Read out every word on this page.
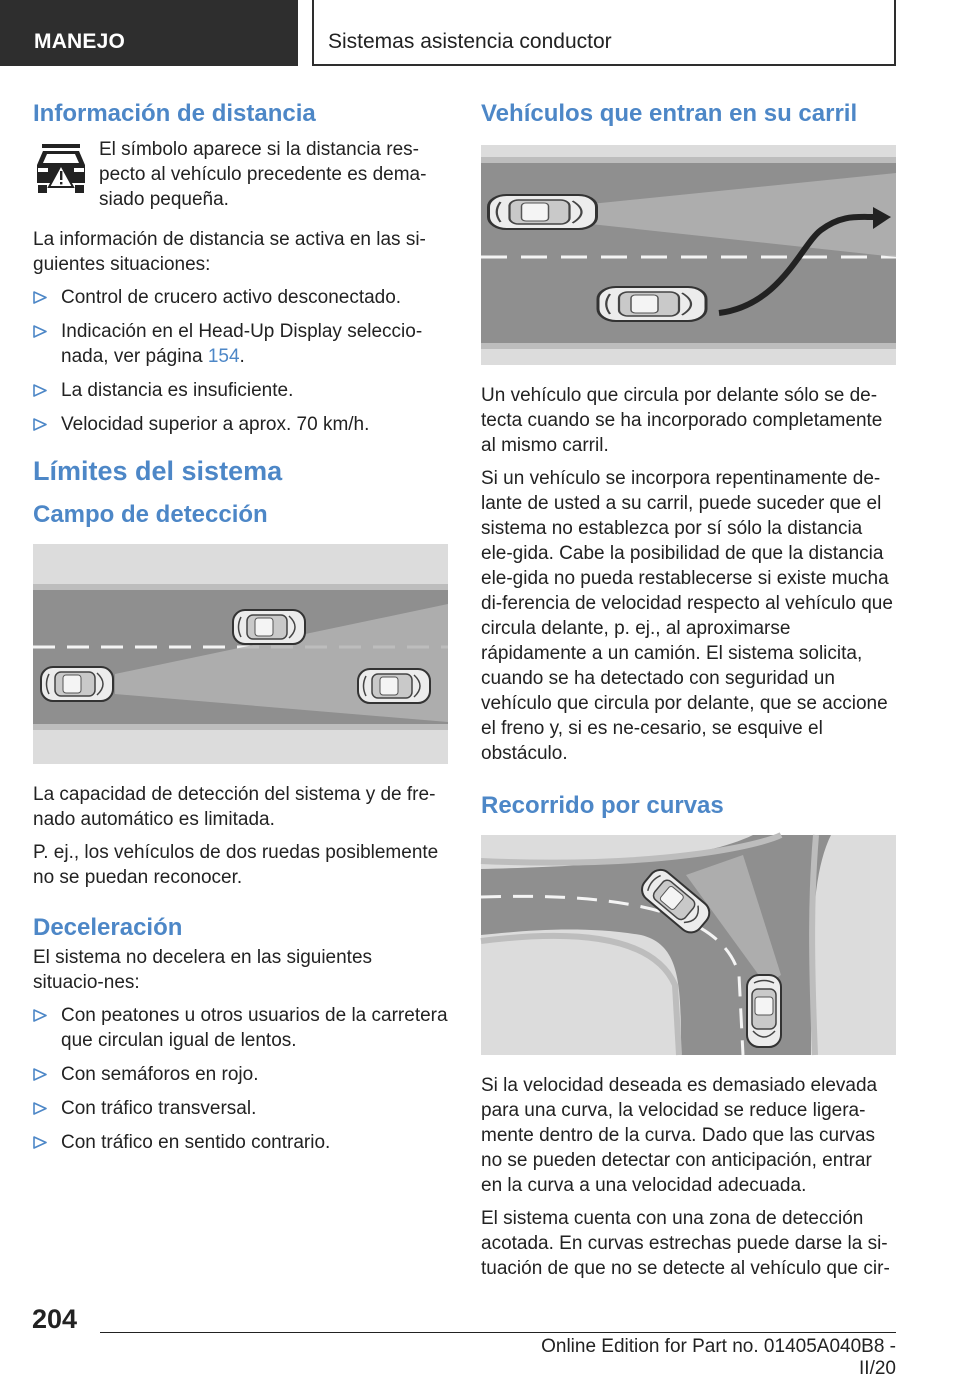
MANEJO	Sistemas asistencia conductor
Información de distancia

El símbolo aparece si la distancia res-pecto al vehículo precedente es dema-siado pequeña.

La información de distancia se activa en las si-guientes situaciones:

Control de crucero activo desconectado.
Indicación en el Head-Up Display seleccio-nada, ver página 154.
La distancia es insuficiente.
Velocidad superior a aprox. 70 km/h.
Límites del sistema
Campo de detección

La capacidad de detección del sistema y de fre-nado automático es limitada.

P. ej., los vehículos de dos ruedas posiblemente no se puedan reconocer.

Deceleración

El sistema no decelera en las siguientes situacio-nes:

Con peatones u otros usuarios de la carretera que circulan igual de lentos.
Con semáforos en rojo.
Con tráfico transversal.
Con tráfico en sentido contrario.
Vehículos que entran en su carril

Un vehículo que circula por delante sólo se de-tecta cuando se ha incorporado completamente al mismo carril.

Si un vehículo se incorpora repentinamente de-lante de usted a su carril, puede suceder que el sistema no establezca por sí sólo la distancia ele-gida. Cabe la posibilidad de que la distancia ele-gida no pueda restablecerse si existe mucha di-ferencia de velocidad respecto al vehículo que circula delante, p. ej., al aproximarse rápidamente a un camión. El sistema solicita, cuando se ha detectado con seguridad un vehículo que circula por delante, que se accione el freno y, si es ne-cesario, se esquive el obstáculo.

Recorrido por curvas

Si la velocidad deseada es demasiado elevada para una curva, la velocidad se reduce ligera-mente dentro de la curva. Dado que las curvas no se pueden detectar con anticipación, entrar en la curva a una velocidad adecuada.

El sistema cuenta con una zona de detección acotada. En curvas estrechas puede darse la si-tuación de que no se detecte al vehículo que cir-

204
Online Edition for Part no. 01405A040B8 - II/20
